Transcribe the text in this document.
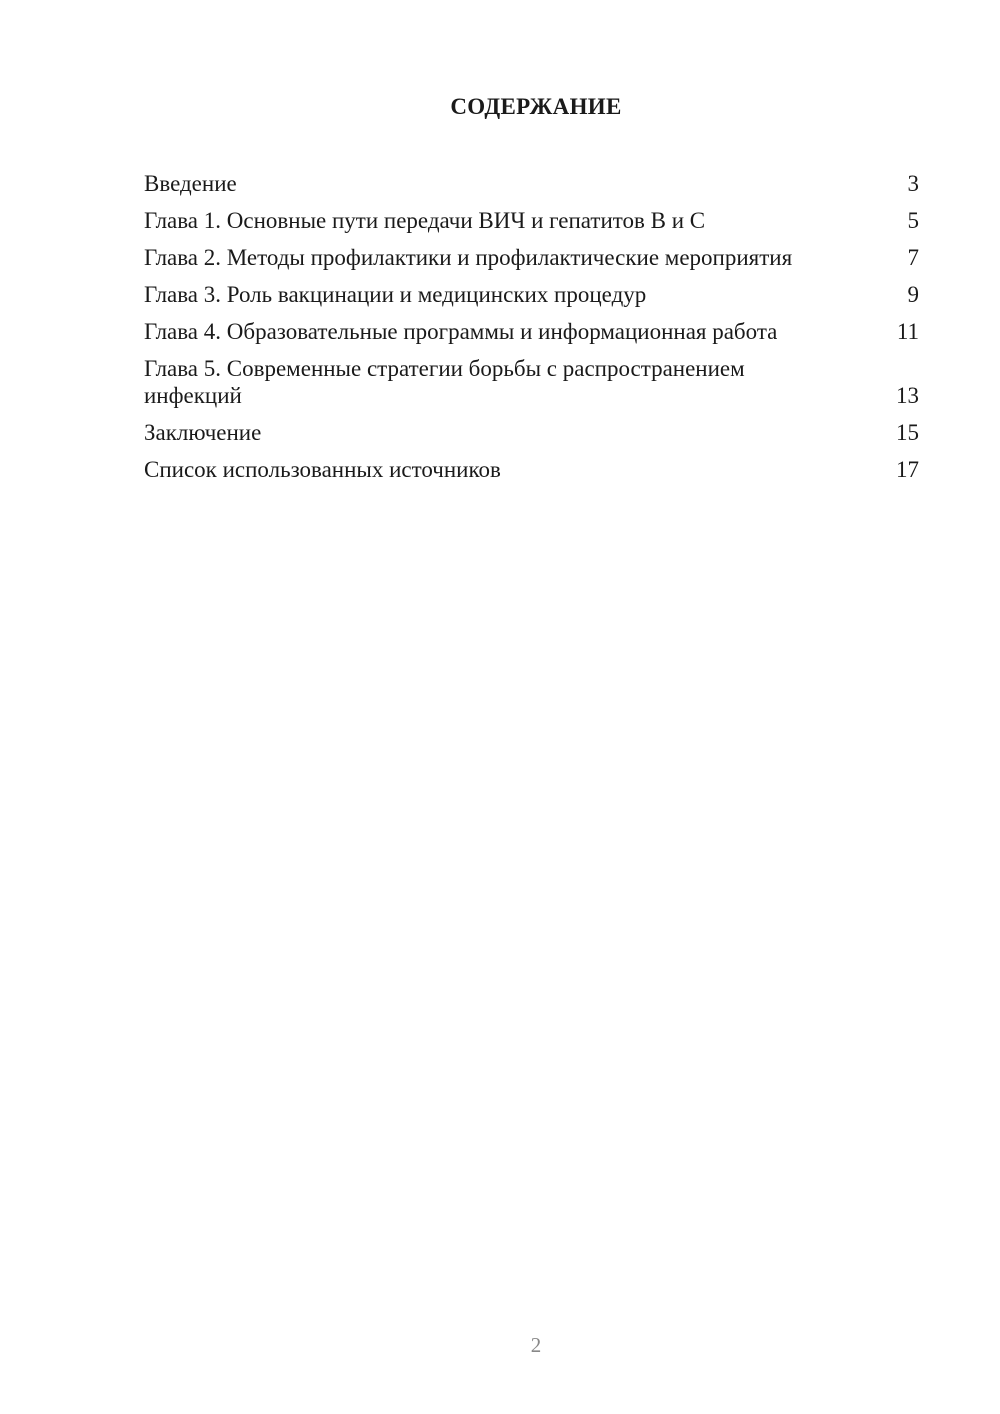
СОДЕРЖАНИЕ
Введение	3
Глава 1. Основные пути передачи ВИЧ и гепатитов В и С	5
Глава 2. Методы профилактики и профилактические мероприятия	7
Глава 3. Роль вакцинации и медицинских процедур	9
Глава 4. Образовательные программы и информационная работа	11
Глава 5. Современные стратегии борьбы с распространением инфекций	13
Заключение	15
Список использованных источников	17
2
